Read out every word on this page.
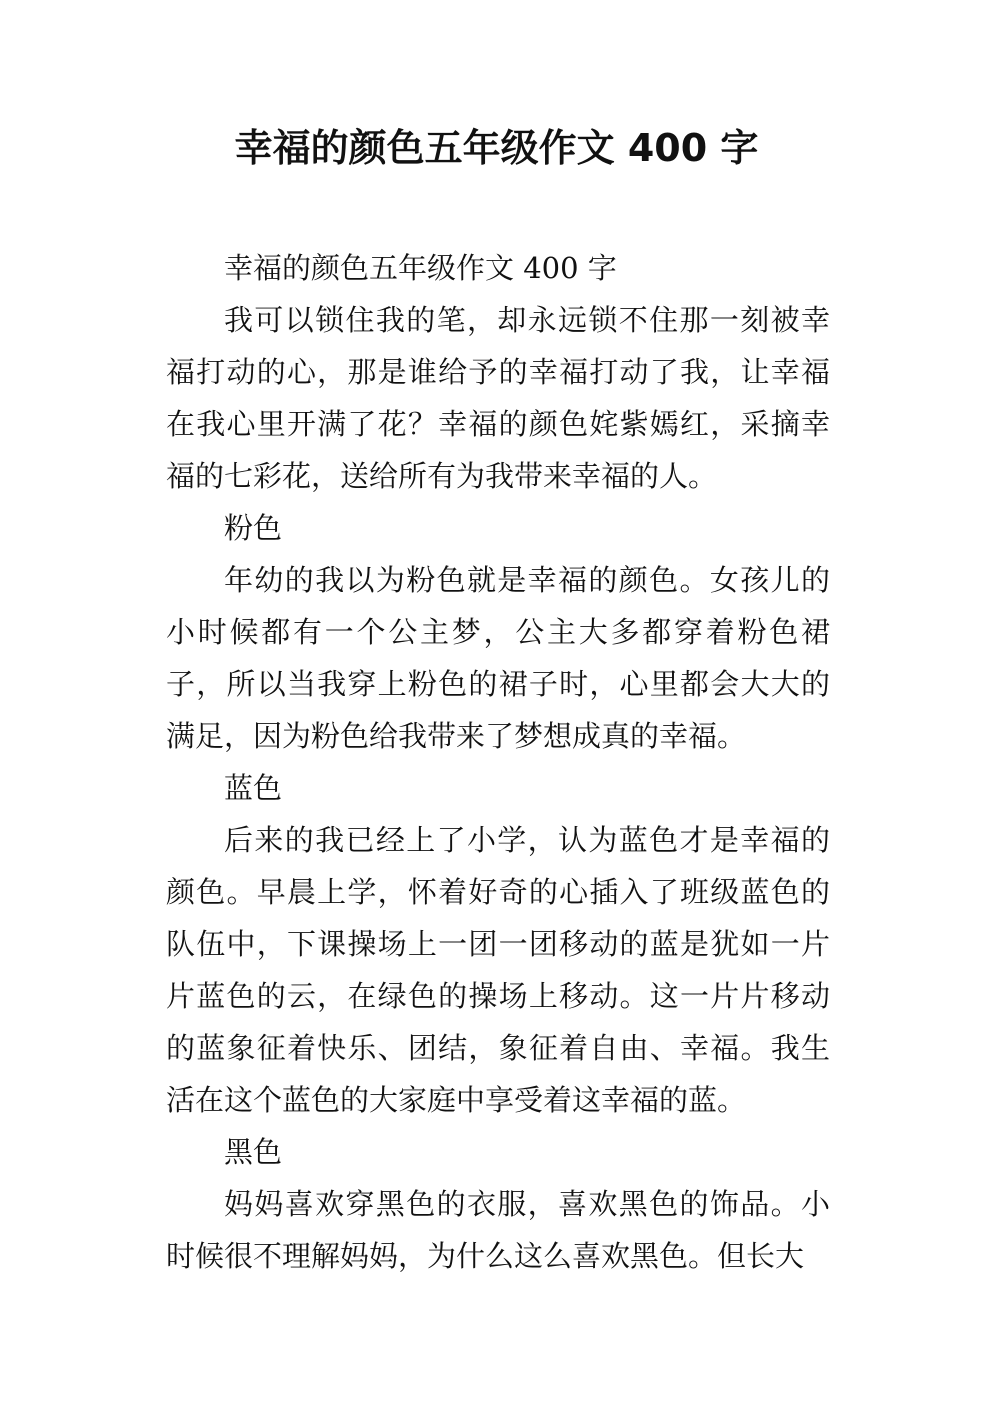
幸福的颜色五年级作文 400 字

幸福的颜色五年级作文 400 字

我可以锁住我的笔，却永远锁不住那一刻被幸福打动的心，那是谁给予的幸福打动了我，让幸福在我心里开满了花？幸福的颜色姹紫嫣红，采摘幸福的七彩花，送给所有为我带来幸福的人。

粉色

年幼的我以为粉色就是幸福的颜色。女孩儿的小时候都有一个公主梦，公主大多都穿着粉色裙子，所以当我穿上粉色的裙子时，心里都会大大的满足，因为粉色给我带来了梦想成真的幸福。

蓝色

后来的我已经上了小学，认为蓝色才是幸福的颜色。早晨上学，怀着好奇的心插入了班级蓝色的队伍中，下课操场上一团一团移动的蓝是犹如一片片蓝色的云，在绿色的操场上移动。这一片片移动的蓝象征着快乐、团结，象征着自由、幸福。我生活在这个蓝色的大家庭中享受着这幸福的蓝。

黑色

妈妈喜欢穿黑色的衣服，喜欢黑色的饰品。小时候很不理解妈妈，为什么这么喜欢黑色。但长大
